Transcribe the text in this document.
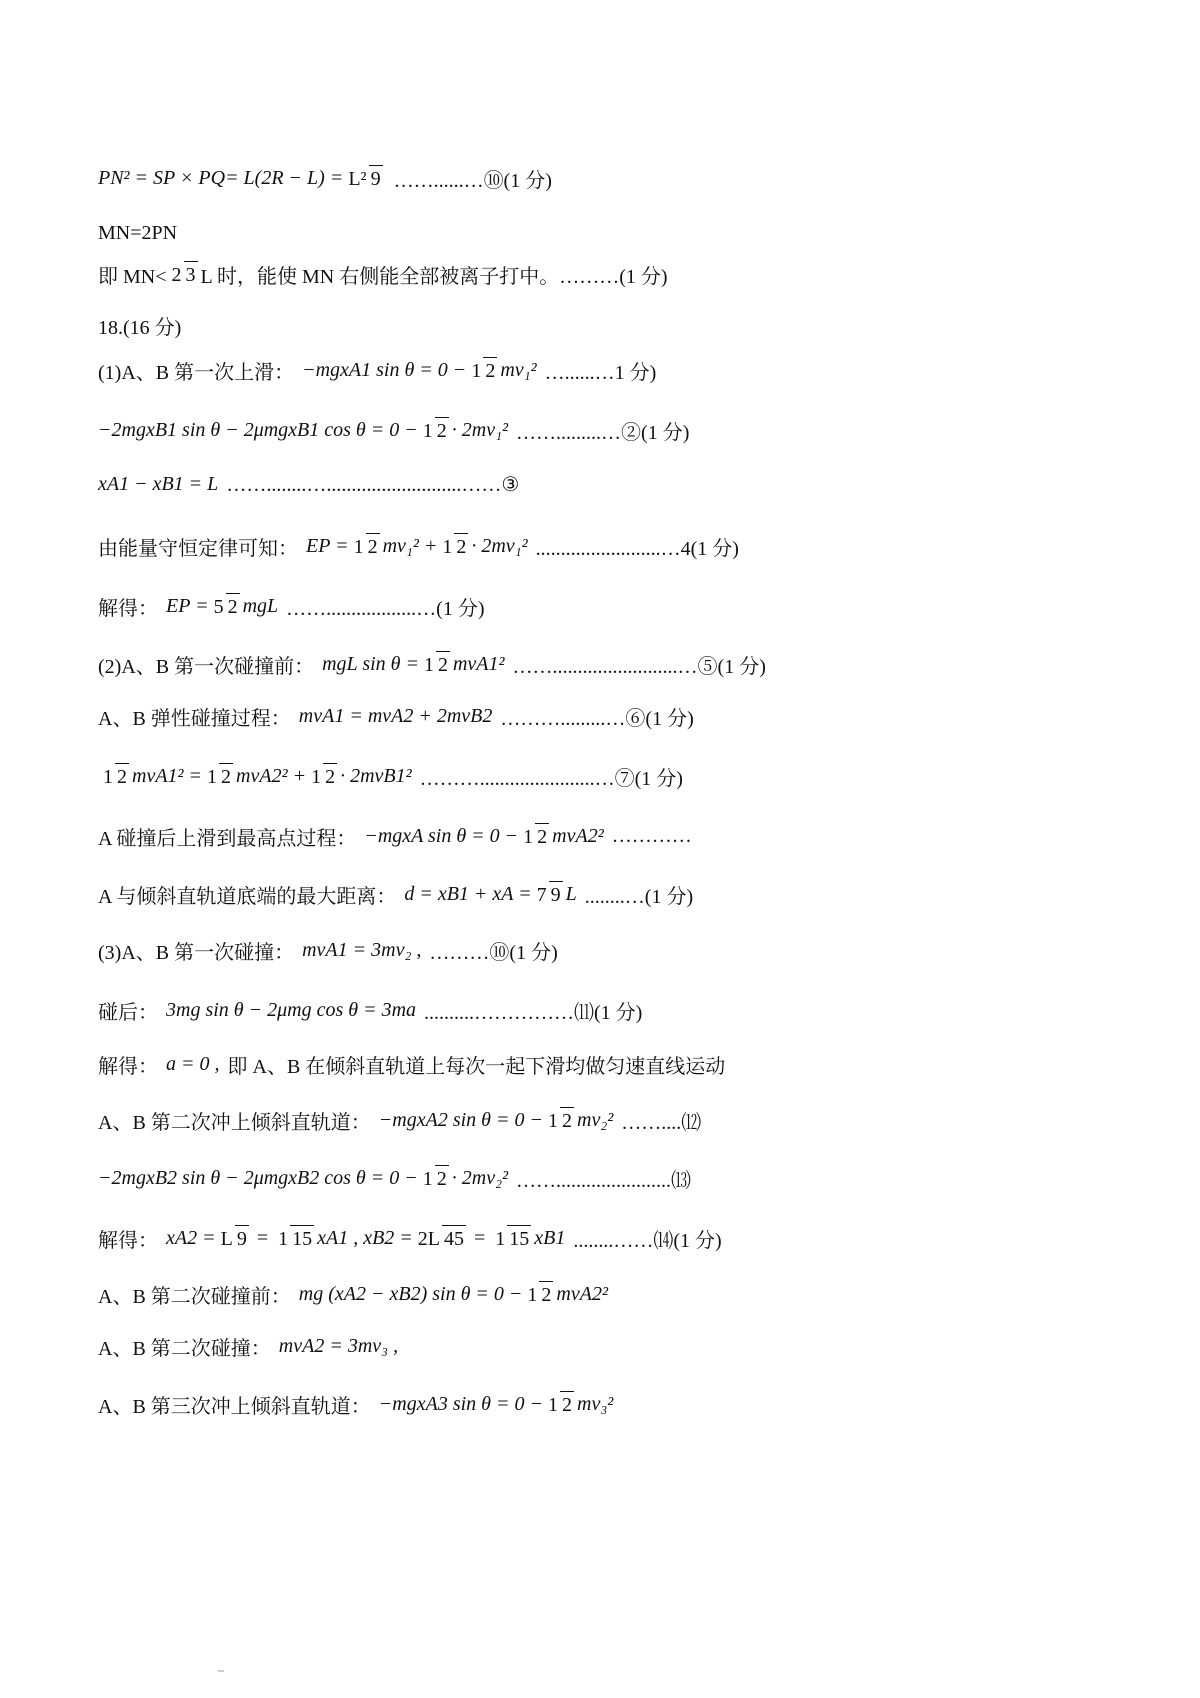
PN² = SP × PQ = L(2R − L) = L² 9 ……......…⑩(1 分)
MN=2PN
即 MN< 2 3 L 时，能使 MN 右侧能全部被离子打中。………(1 分)
18.(16 分)
(1)A、B 第一次上滑： −mgxA1 sin θ = 0 − 1 2 mv₁² …......…1 分)
−2mgxB1 sin θ − 2μmgxB1 cos θ = 0 − 1 2 · 2mv₁² …….........…②(1 分)
xA1 − xB1 = L ……........…...........................……③
由能量守恒定律可知： EP = 1 2 mv₁² + 1 2 · 2mv₁² .........................…4(1 分)
解得： EP = 5 2 mgL ……..................…(1 分)
(2)A、B 第一次碰撞前： mgL sin θ = 1 2 mvA1² …….........................…⑤(1 分)
A、B 弹性碰撞过程： mvA1 = mvA2 + 2mvB2 ……….........…⑥(1 分)
1 2 mvA1² = 1 2 mvA2² + 1 2 · 2mvB1² ……….......................…⑦(1 分)
A 碰撞后上滑到最高点过程： −mgxA sin θ = 0 − 1 2 mvA2² …………
A 与倾斜直轨道底端的最大距离： d = xB1 + xA = 7 9 L ........…(1 分)
(3)A、B 第一次碰撞： mvA1 = 3mv₂ , ………⑩(1 分)
碰后： 3mg sin θ − 2μmg cos θ = 3ma ..........……………⑾(1 分)
解得： a = 0 , 即 A、B 在倾斜直轨道上每次一起下滑均做匀速直线运动
A、B 第二次冲上倾斜直轨道： −mgxA2 sin θ = 0 − 1 2 mv₂² ……....⑿
−2mgxB2 sin θ − 2μmgxB2 cos θ = 0 − 1 2 · 2mv₂² …….......................⒀
解得： xA2 = L 9 = 1 15 xA1 , xB2 = 2L 45 = 1 15 xB1 ........……⒁(1 分)
A、B 第二次碰撞前： mg (xA2 − xB2) sin θ = 0 − 1 2 mvA2²
A、B 第二次碰撞： mvA2 = 3mv₃ ,
A、B 第三次冲上倾斜直轨道： −mgxA3 sin θ = 0 − 1 2 mv₃²
